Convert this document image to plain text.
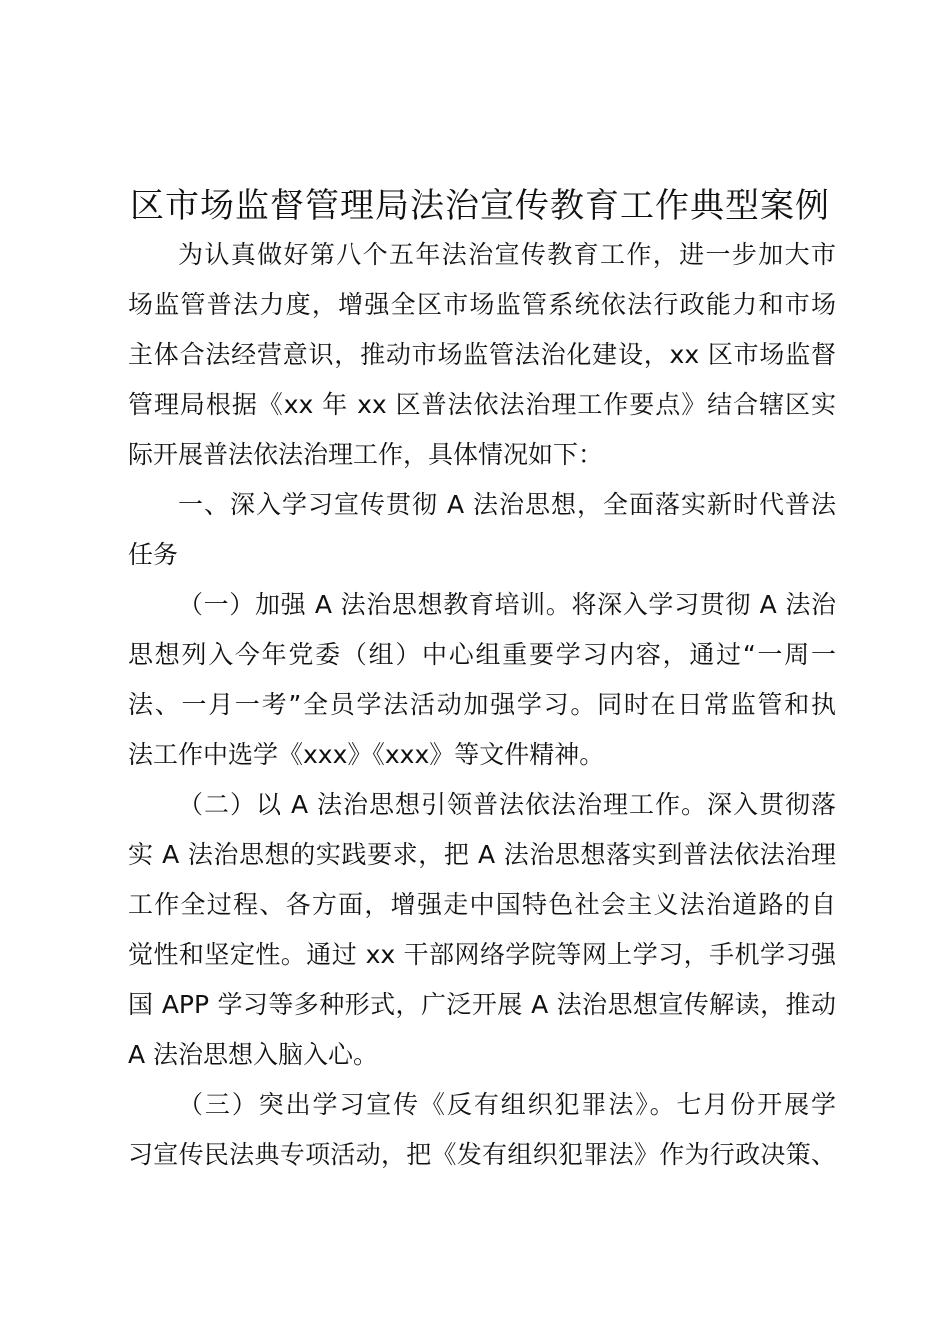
区市场监督管理局法治宣传教育工作典型案例
为认真做好第八个五年法治宣传教育工作，进一步加大市
场监管普法力度，增强全区市场监管系统依法行政能力和市场
主体合法经营意识，推动市场监管法治化建设，xx 区市场监督
管理局根据《xx 年 xx 区普法依法治理工作要点》结合辖区实
际开展普法依法治理工作，具体情况如下：
一、深入学习宣传贯彻 A 法治思想，全面落实新时代普法
任务
（一）加强 A 法治思想教育培训。将深入学习贯彻 A 法治
思想列入今年党委（组）中心组重要学习内容，通过“一周一
法、一月一考”全员学法活动加强学习。同时在日常监管和执
法工作中选学《xxx》《xxx》等文件精神。
（二）以 A 法治思想引领普法依法治理工作。深入贯彻落
实 A 法治思想的实践要求，把 A 法治思想落实到普法依法治理
工作全过程、各方面，增强走中国特色社会主义法治道路的自
觉性和坚定性。通过 xx 干部网络学院等网上学习，手机学习强
国 APP 学习等多种形式，广泛开展 A 法治思想宣传解读，推动
A 法治思想入脑入心。
（三）突出学习宣传《反有组织犯罪法》。七月份开展学
习宣传民法典专项活动，把《发有组织犯罪法》作为行政决策、
